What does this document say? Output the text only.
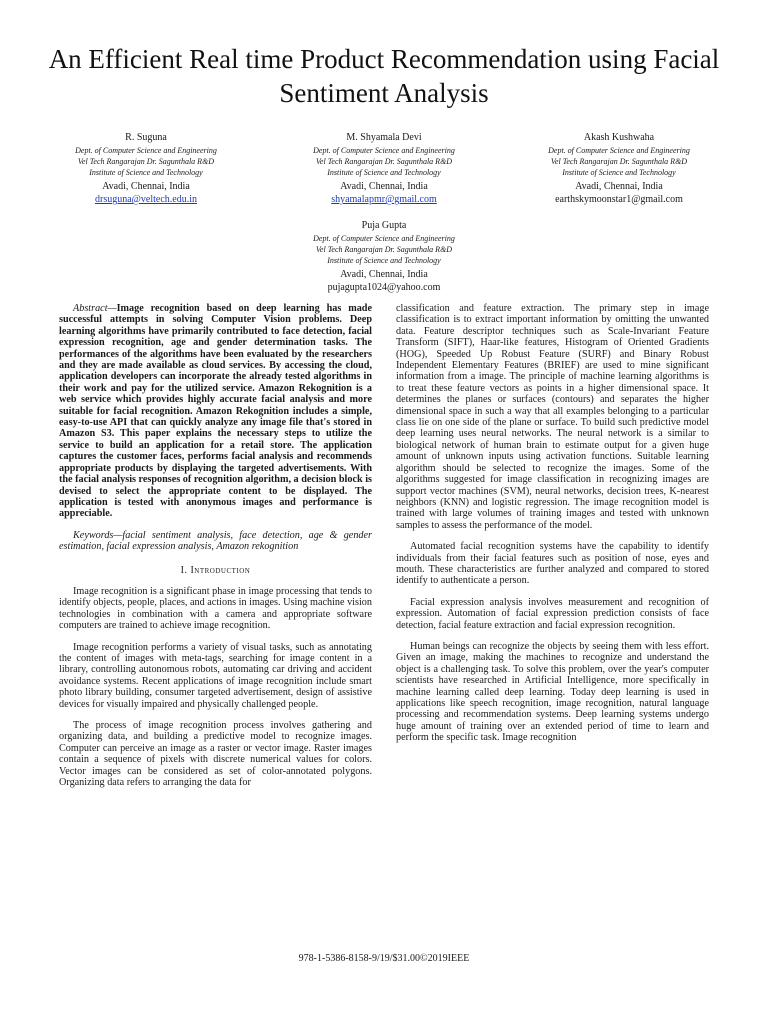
An Efficient Real time Product Recommendation using Facial Sentiment Analysis
R. Suguna
Dept. of Computer Science and Engineering
Vel Tech Rangarajan Dr. Sagunthala R&D
Institute of Science and Technology
Avadi, Chennai, India
drsuguna@veltech.edu.in
M. Shyamala Devi
Dept. of Computer Science and Engineering
Vel Tech Rangarajan Dr. Sagunthala R&D
Institute of Science and Technology
Avadi, Chennai, India
shyamalapmr@gmail.com
Akash Kushwaha
Dept. of Computer Science and Engineering
Vel Tech Rangarajan Dr. Sagunthala R&D
Institute of Science and Technology
Avadi, Chennai, India
earthskymoonstar1@gmail.com
Puja Gupta
Dept. of Computer Science and Engineering
Vel Tech Rangarajan Dr. Sagunthala R&D
Institute of Science and Technology
Avadi, Chennai, India
pujagupta1024@yahoo.com

Abstract—Image recognition based on deep learning has made successful attempts in solving Computer Vision problems. Deep learning algorithms have primarily contributed to face detection, facial expression recognition, age and gender determination tasks. The performances of the algorithms have been evaluated by the researchers and they are made available as cloud services. By accessing the cloud, application developers can incorporate the already tested algorithms in their work and pay for the utilized service. Amazon Rekognition is a web service which provides highly accurate facial analysis and more suitable for facial recognition. Amazon Rekognition includes a simple, easy-to-use API that can quickly analyze any image file that's stored in Amazon S3. This paper explains the necessary steps to utilize the service to build an application for a retail store. The application captures the customer faces, performs facial analysis and recommends appropriate products by displaying the targeted advertisements. With the facial analysis responses of recognition algorithm, a decision block is devised to select the appropriate content to be displayed. The application is tested with anonymous images and performance is appreciable.

Keywords—facial sentiment analysis, face detection, age & gender estimation, facial expression analysis, Amazon rekognition

I. Introduction

Image recognition is a significant phase in image processing that tends to identify objects, people, places, and actions in images. Using machine vision technologies in combination with a camera and appropriate software computers are trained to achieve image recognition.

Image recognition performs a variety of visual tasks, such as annotating the content of images with meta-tags, searching for image content in a library, controlling autonomous robots, automating car driving and accident avoidance systems. Recent applications of image recognition include smart photo library building, consumer targeted advertisement, design of assistive devices for visually impaired and physically challenged people.

The process of image recognition process involves gathering and organizing data, and building a predictive model to recognize images. Computer can perceive an image as a raster or vector image. Raster images contain a sequence of pixels with discrete numerical values for colors. Vector images can be considered as set of color-annotated polygons. Organizing data refers to arranging the data for

classification and feature extraction. The primary step in image classification is to extract important information by omitting the unwanted data. Feature descriptor techniques such as Scale-Invariant Feature Transform (SIFT), Haar-like features, Histogram of Oriented Gradients (HOG), Speeded Up Robust Feature (SURF) and Binary Robust Independent Elementary Features (BRIEF) are used to mine significant information from a image. The principle of machine learning algorithms is to treat these feature vectors as points in a higher dimensional space. It determines the planes or surfaces (contours) and separates the higher dimensional space in such a way that all examples belonging to a particular class lie on one side of the plane or surface. To build such predictive model deep learning uses neural networks. The neural network is a similar to biological network of human brain to estimate output for a given huge amount of unknown inputs using activation functions. Suitable learning algorithm should be selected to recognize the images. Some of the algorithms suggested for image classification in recognizing images are support vector machines (SVM), neural networks, decision trees, K-nearest neighbors (KNN) and logistic regression. The image recognition model is trained with large volumes of training images and tested with unknown samples to assess the performance of the model.

Automated facial recognition systems have the capability to identify individuals from their facial features such as position of nose, eyes and mouth. These characteristics are further analyzed and compared to stored identify to authenticate a person.

Facial expression analysis involves measurement and recognition of expression. Automation of facial expression prediction consists of face detection, facial feature extraction and facial expression recognition.

Human beings can recognize the objects by seeing them with less effort. Given an image, making the machines to recognize and understand the object is a challenging task. To solve this problem, over the year's computer scientists have researched in Artificial Intelligence, more specifically in machine learning called deep learning. Today deep learning is used in applications like speech recognition, image recognition, natural language processing and recommendation systems. Deep learning systems undergo huge amount of training over an extended period of time to learn and perform the specific task. Image recognition

978-1-5386-8158-9/19/$31.00©2019IEEE
